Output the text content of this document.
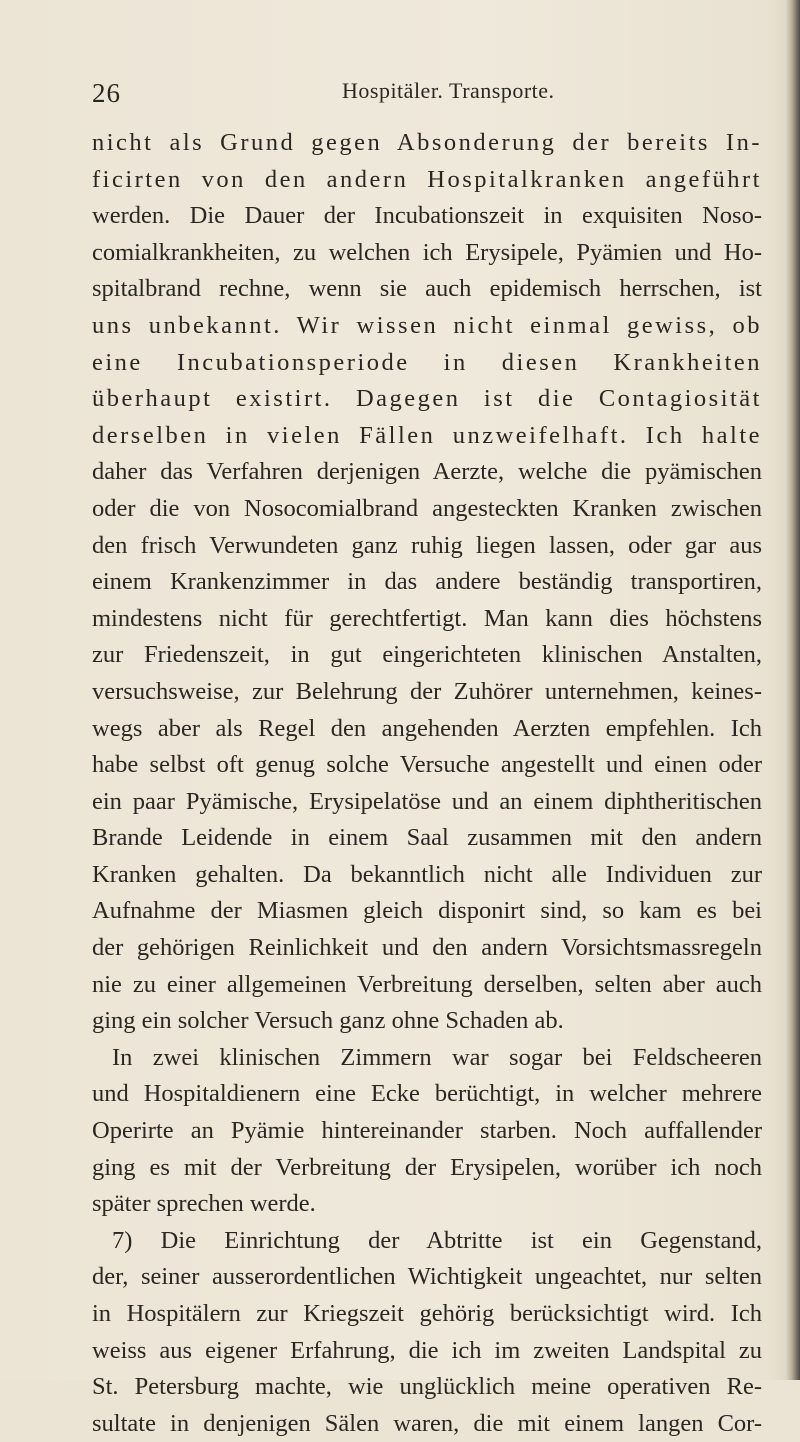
26	Hospitäler. Transporte.
nicht als Grund gegen Absonderung der bereits In-
ficirten von den andern Hospitalkranken angeführt
werden. Die Dauer der Incubationszeit in exquisiten Noso-
comialkrankheiten, zu welchen ich Erysipele, Pyämien und Ho-
spitalbrand rechne, wenn sie auch epidemisch herrschen, ist
uns unbekannt. Wir wissen nicht einmal gewiss, ob
eine Incubationsperiode in diesen Krankheiten
überhaupt existirt. Dagegen ist die Contagiosität
derselben in vielen Fällen unzweifelhaft. Ich halte
daher das Verfahren derjenigen Aerzte, welche die pyämischen
oder die von Nosocomialbrand angesteckten Kranken zwischen
den frisch Verwundeten ganz ruhig liegen lassen, oder gar aus
einem Krankenzimmer in das andere beständig transportiren,
mindestens nicht für gerechtfertigt. Man kann dies höchstens
zur Friedenszeit, in gut eingerichteten klinischen Anstalten,
versuchsweise, zur Belehrung der Zuhörer unternehmen, keines-
wegs aber als Regel den angehenden Aerzten empfehlen. Ich
habe selbst oft genug solche Versuche angestellt und einen oder
ein paar Pyämische, Erysipelatöse und an einem diphtheritischen
Brande Leidende in einem Saal zusammen mit den andern
Kranken gehalten. Da bekanntlich nicht alle Individuen zur
Aufnahme der Miasmen gleich disponirt sind, so kam es bei
der gehörigen Reinlichkeit und den andern Vorsichtsmassregeln
nie zu einer allgemeinen Verbreitung derselben, selten aber auch
ging ein solcher Versuch ganz ohne Schaden ab.
In zwei klinischen Zimmern war sogar bei Feldscheeren
und Hospitaldienern eine Ecke berüchtigt, in welcher mehrere
Operirte an Pyämie hintereinander starben. Noch auffallender
ging es mit der Verbreitung der Erysipelen, worüber ich noch
später sprechen werde.
7) Die Einrichtung der Abtritte ist ein Gegenstand,
der, seiner ausserordentlichen Wichtigkeit ungeachtet, nur selten
in Hospitälern zur Kriegszeit gehörig berücksichtigt wird. Ich
weiss aus eigener Erfahrung, die ich im zweiten Landspital zu
St. Petersburg machte, wie unglücklich meine operativen Re-
sultate in denjenigen Sälen waren, die mit einem langen Cor-
